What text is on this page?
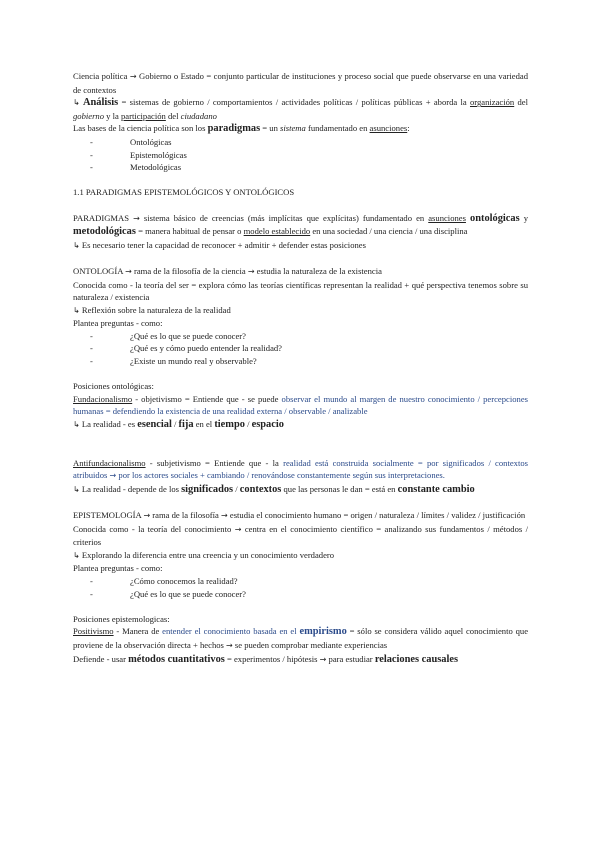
Ciencia política → Gobierno o Estado = conjunto particular de instituciones y proceso social que puede observarse en una variedad de contextos

↳ Análisis = sistemas de gobierno / comportamientos / actividades políticas / políticas públicas + aborda la organización del gobierno y la participación del ciudadano

Las bases de la ciencia política son los paradigmas = un sistema fundamentado en asunciones:

-	Ontológicas
-	Epistemológicas
-	Metodológicas

1.1 PARADIGMAS EPISTEMOLÓGICOS Y ONTOLÓGICOS

PARADIGMAS → sistema básico de creencias (más implícitas que explícitas) fundamentado en asunciones ontológicas y metodológicas = manera habitual de pensar o modelo establecido en una sociedad / una ciencia / una disciplina

↳ Es necesario tener la capacidad de reconocer + admitir + defender estas posiciones

ONTOLOGÍA → rama de la filosofía de la ciencia → estudia la naturaleza de la existencia

Conocida como - la teoría del ser = explora cómo las teorías científicas representan la realidad + qué perspectiva tenemos sobre su naturaleza / existencia

↳ Reflexión sobre la naturaleza de la realidad

Plantea preguntas - como:

-	¿Qué es lo que se puede conocer?
-	¿Qué es y cómo puedo entender la realidad?
-	¿Existe un mundo real y observable?

Posiciones ontológicas:

Fundacionalismo - objetivismo = Entiende que - se puede observar el mundo al margen de nuestro conocimiento / percepciones humanas = defendiendo la existencia de una realidad externa / observable / analizable

↳ La realidad - es esencial / fija en el tiempo / espacio

Antifundacionalismo - subjetivismo = Entiende que - la realidad está construida socialmente = por significados / contextos atribuidos → por los actores sociales + cambiando / renovándose constantemente según sus interpretaciones.

↳ La realidad - depende de los significados / contextos que las personas le dan = está en constante cambio

EPISTEMOLOGÍA → rama de la filosofía → estudia el conocimiento humano = origen / naturaleza / límites / validez / justificación

Conocida como - la teoría del conocimiento → centra en el conocimiento científico = analizando sus fundamentos / métodos / criterios

↳ Explorando la diferencia entre una creencia y un conocimiento verdadero

Plantea preguntas - como:

-	¿Cómo conocemos la realidad?
-	¿Qué es lo que se puede conocer?

Posiciones epistemologicas:

Positivismo - Manera de entender el conocimiento basada en el empirismo = sólo se considera válido aquel conocimiento que proviene de la observación directa + hechos → se pueden comprobar mediante experiencias

Defiende - usar métodos cuantitativos = experimentos / hipótesis → para estudiar relaciones causales
